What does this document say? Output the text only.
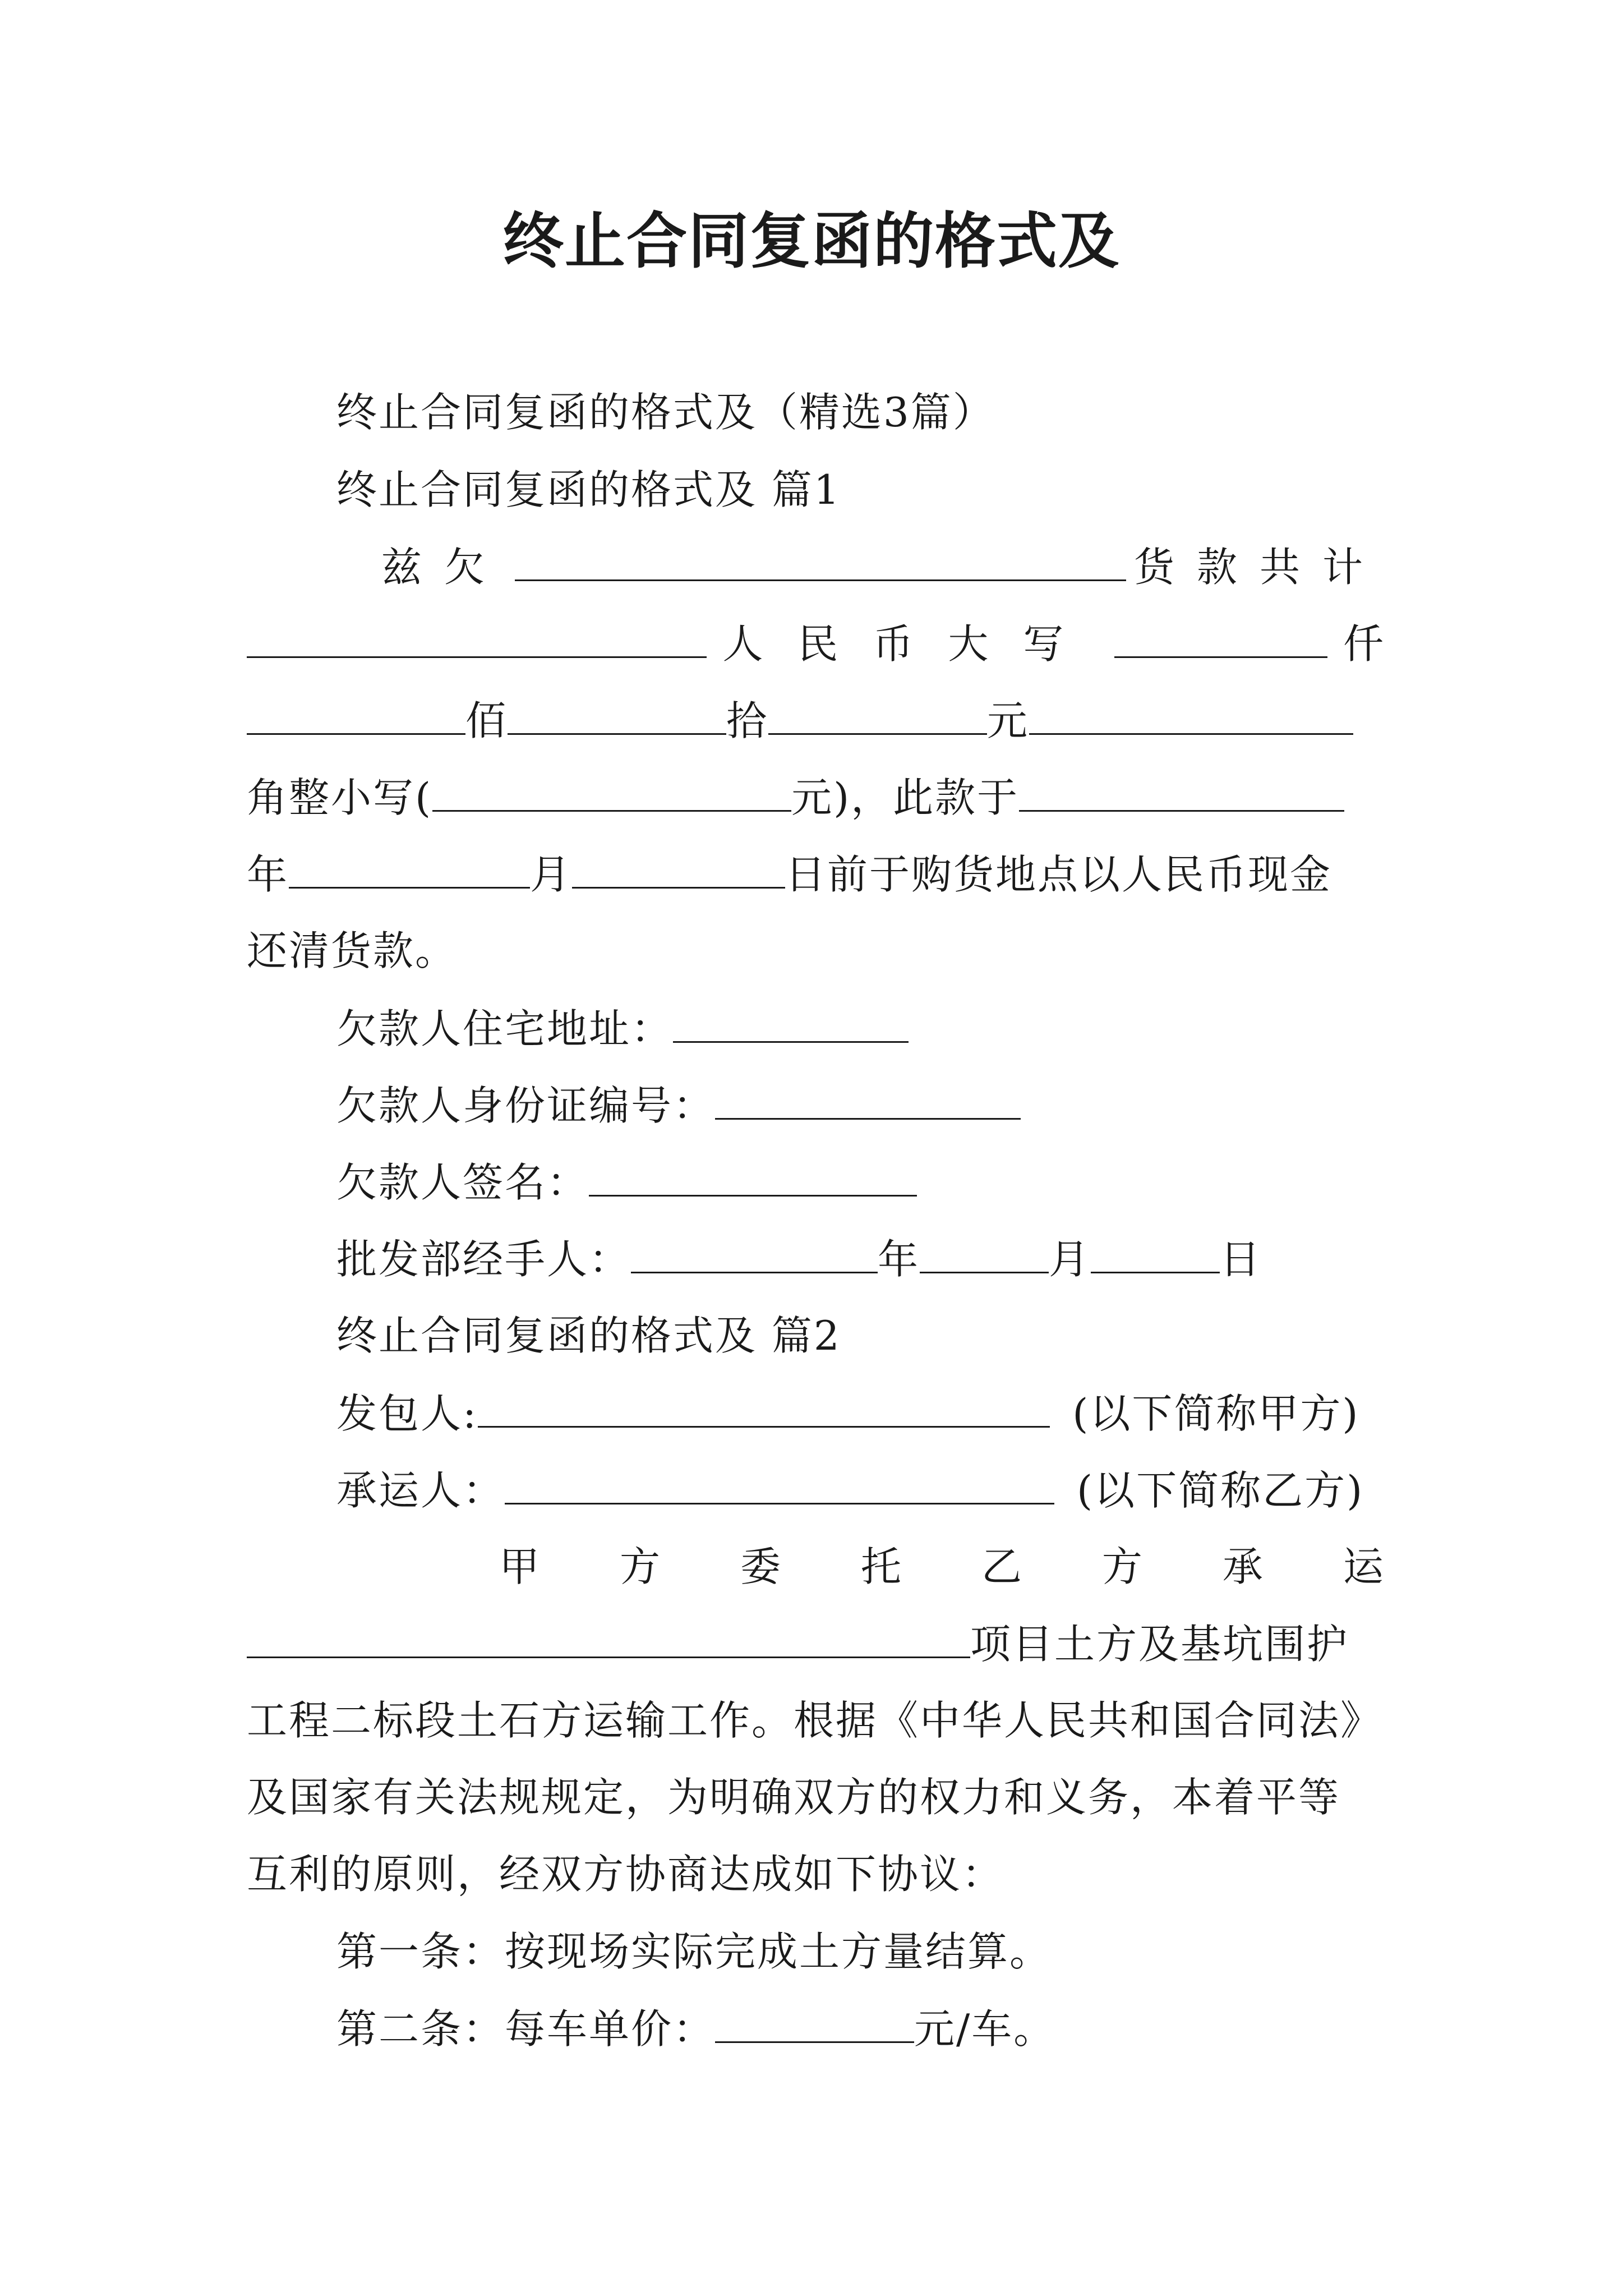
终止合同复函的格式及
终止合同复函的格式及（精选3篇）
终止合同复函的格式及 篇1
兹欠	货款共计
人民币大写	仟
佰	拾	元
角整小写(	元)，此款于
年	月	日前于购货地点以人民币现金
还清货款。
欠款人住宅地址：
欠款人身份证编号：
欠款人签名：
批发部经手人：	年	月	日
终止合同复函的格式及 篇2
发包人:	(以下简称甲方)
承运人：	(以下简称乙方)
甲 方 委 托 乙 方 承 运
项目土方及基坑围护
工程二标段土石方运输工作。根据《中华人民共和国合同法》
及国家有关法规规定，为明确双方的权力和义务，本着平等
互利的原则，经双方协商达成如下协议：
第一条：按现场实际完成土方量结算。
第二条：每车单价：	元/车。
